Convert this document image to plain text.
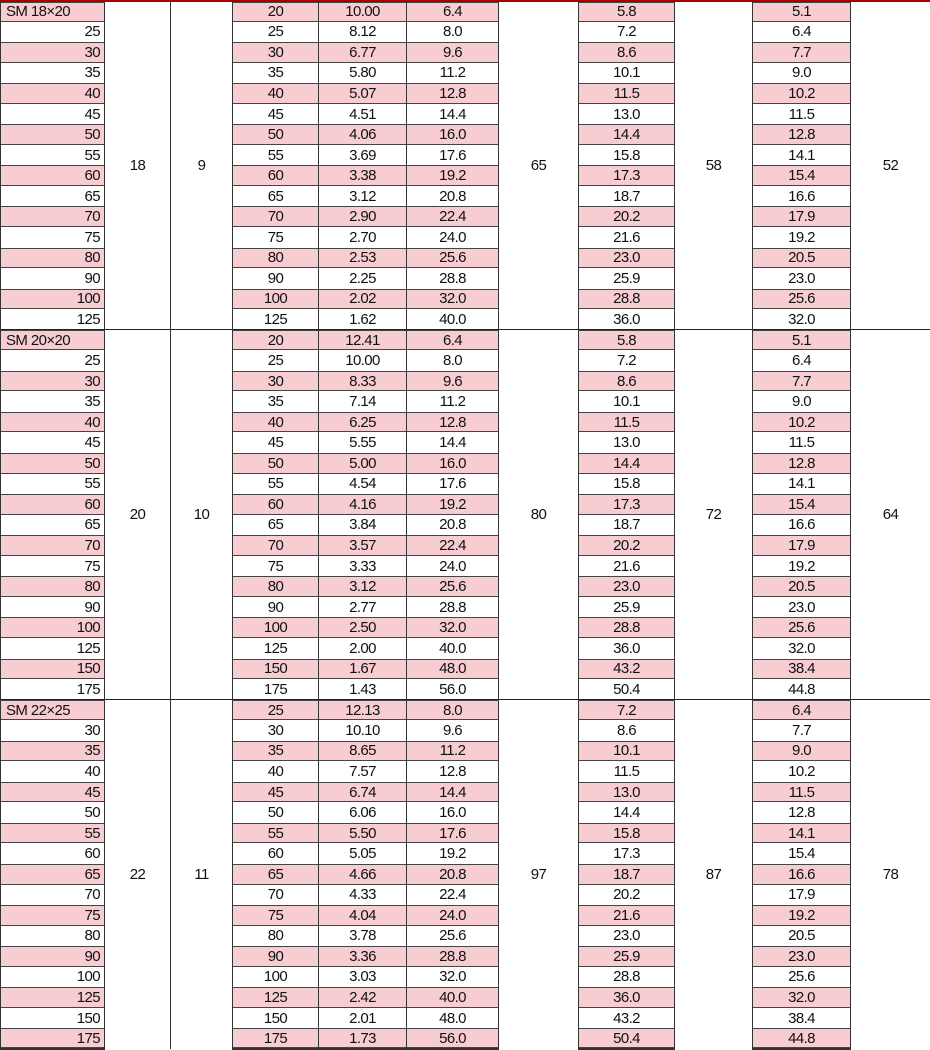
SM 18×20	18	9	20	10.00	6.4	65	5.8	58	5.1	52
25			25	8.12	8.0		7.2		6.4	
30			30	6.77	9.6		8.6		7.7	
35			35	5.80	11.2		10.1		9.0	
40			40	5.07	12.8		11.5		10.2	
45			45	4.51	14.4		13.0		11.5	
50			50	4.06	16.0		14.4		12.8	
55			55	3.69	17.6		15.8		14.1	
60			60	3.38	19.2		17.3		15.4	
65			65	3.12	20.8		18.7		16.6	
70			70	2.90	22.4		20.2		17.9	
75			75	2.70	24.0		21.6		19.2	
80			80	2.53	25.6		23.0		20.5	
90			90	2.25	28.8		25.9		23.0	
100			100	2.02	32.0		28.8		25.6	
125			125	1.62	40.0		36.0		32.0	
SM 20×20	20	10	20	12.41	6.4	80	5.8	72	5.1	64
25			25	10.00	8.0		7.2		6.4	
30			30	8.33	9.6		8.6		7.7	
35			35	7.14	11.2		10.1		9.0	
40			40	6.25	12.8		11.5		10.2	
45			45	5.55	14.4		13.0		11.5	
50			50	5.00	16.0		14.4		12.8	
55			55	4.54	17.6		15.8		14.1	
60			60	4.16	19.2		17.3		15.4	
65			65	3.84	20.8		18.7		16.6	
70			70	3.57	22.4		20.2		17.9	
75			75	3.33	24.0		21.6		19.2	
80			80	3.12	25.6		23.0		20.5	
90			90	2.77	28.8		25.9		23.0	
100			100	2.50	32.0		28.8		25.6	
125			125	2.00	40.0		36.0		32.0	
150			150	1.67	48.0		43.2		38.4	
175			175	1.43	56.0		50.4		44.8	
SM 22×25	22	11	25	12.13	8.0	97	7.2	87	6.4	78
30			30	10.10	9.6		8.6		7.7	
35			35	8.65	11.2		10.1		9.0	
40			40	7.57	12.8		11.5		10.2	
45			45	6.74	14.4		13.0		11.5	
50			50	6.06	16.0		14.4		12.8	
55			55	5.50	17.6		15.8		14.1	
60			60	5.05	19.2		17.3		15.4	
65			65	4.66	20.8		18.7		16.6	
70			70	4.33	22.4		20.2		17.9	
75			75	4.04	24.0		21.6		19.2	
80			80	3.78	25.6		23.0		20.5	
90			90	3.36	28.8		25.9		23.0	
100			100	3.03	32.0		28.8		25.6	
125			125	2.42	40.0		36.0		32.0	
150			150	2.01	48.0		43.2		38.4	
175			175	1.73	56.0		50.4		44.8	
